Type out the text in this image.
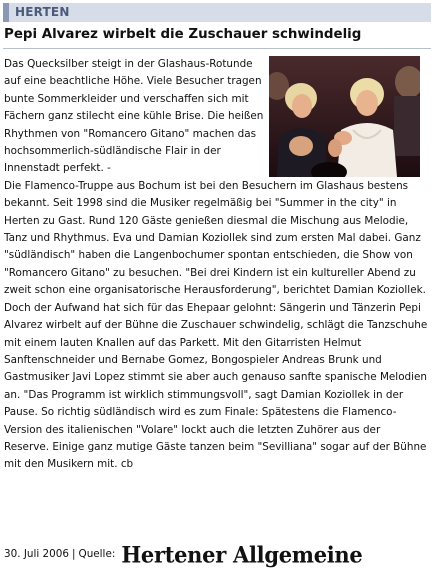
HERTEN
Pepi Alvarez wirbelt die Zuschauer schwindelig

Das Quecksilber steigt in der Glashaus-Rotunde auf eine beachtliche Höhe. Viele Besucher tragen bunte Sommerkleider und verschaffen sich mit Fächern ganz stilecht eine kühle Brise. Die heißen Rhythmen von "Romancero Gitano" machen das hochsommerlich-südländische Flair in der Innenstadt perfekt. -

Die Flamenco-Truppe aus Bochum ist bei den Besuchern im Glashaus bestens bekannt. Seit 1998 sind die Musiker regelmäßig bei "Summer in the city" in Herten zu Gast. Rund 120 Gäste genießen diesmal die Mischung aus Melodie, Tanz und Rhythmus. Eva und Damian Koziollek sind zum ersten Mal dabei. Ganz "südländisch" haben die Langenbochumer spontan entschieden, die Show von "Romancero Gitano" zu besuchen. "Bei drei Kindern ist ein kultureller Abend zu zweit schon eine organisatorische Herausforderung", berichtet Damian Koziollek.

Doch der Aufwand hat sich für das Ehepaar gelohnt: Sängerin und Tänzerin Pepi Alvarez wirbelt auf der Bühne die Zuschauer schwindelig, schlägt die Tanzschuhe mit einem lauten Knallen auf das Parkett. Mit den Gitarristen Helmut Sanftenschneider und Bernabe Gomez, Bongospieler Andreas Brunk und Gastmusiker Javi Lopez stimmt sie aber auch genauso sanfte spanische Melodien an. "Das Programm ist wirklich stimmungsvoll", sagt Damian Koziollek in der Pause. So richtig südländisch wird es zum Finale: Spätestens die Flamenco-Version des italienischen "Volare" lockt auch die letzten Zuhörer aus der Reserve. Einige ganz mutige Gäste tanzen beim "Sevilliana" sogar auf der Bühne mit den Musikern mit. cb

30. Juli 2006 | Quelle: Hertener Allgemeine
